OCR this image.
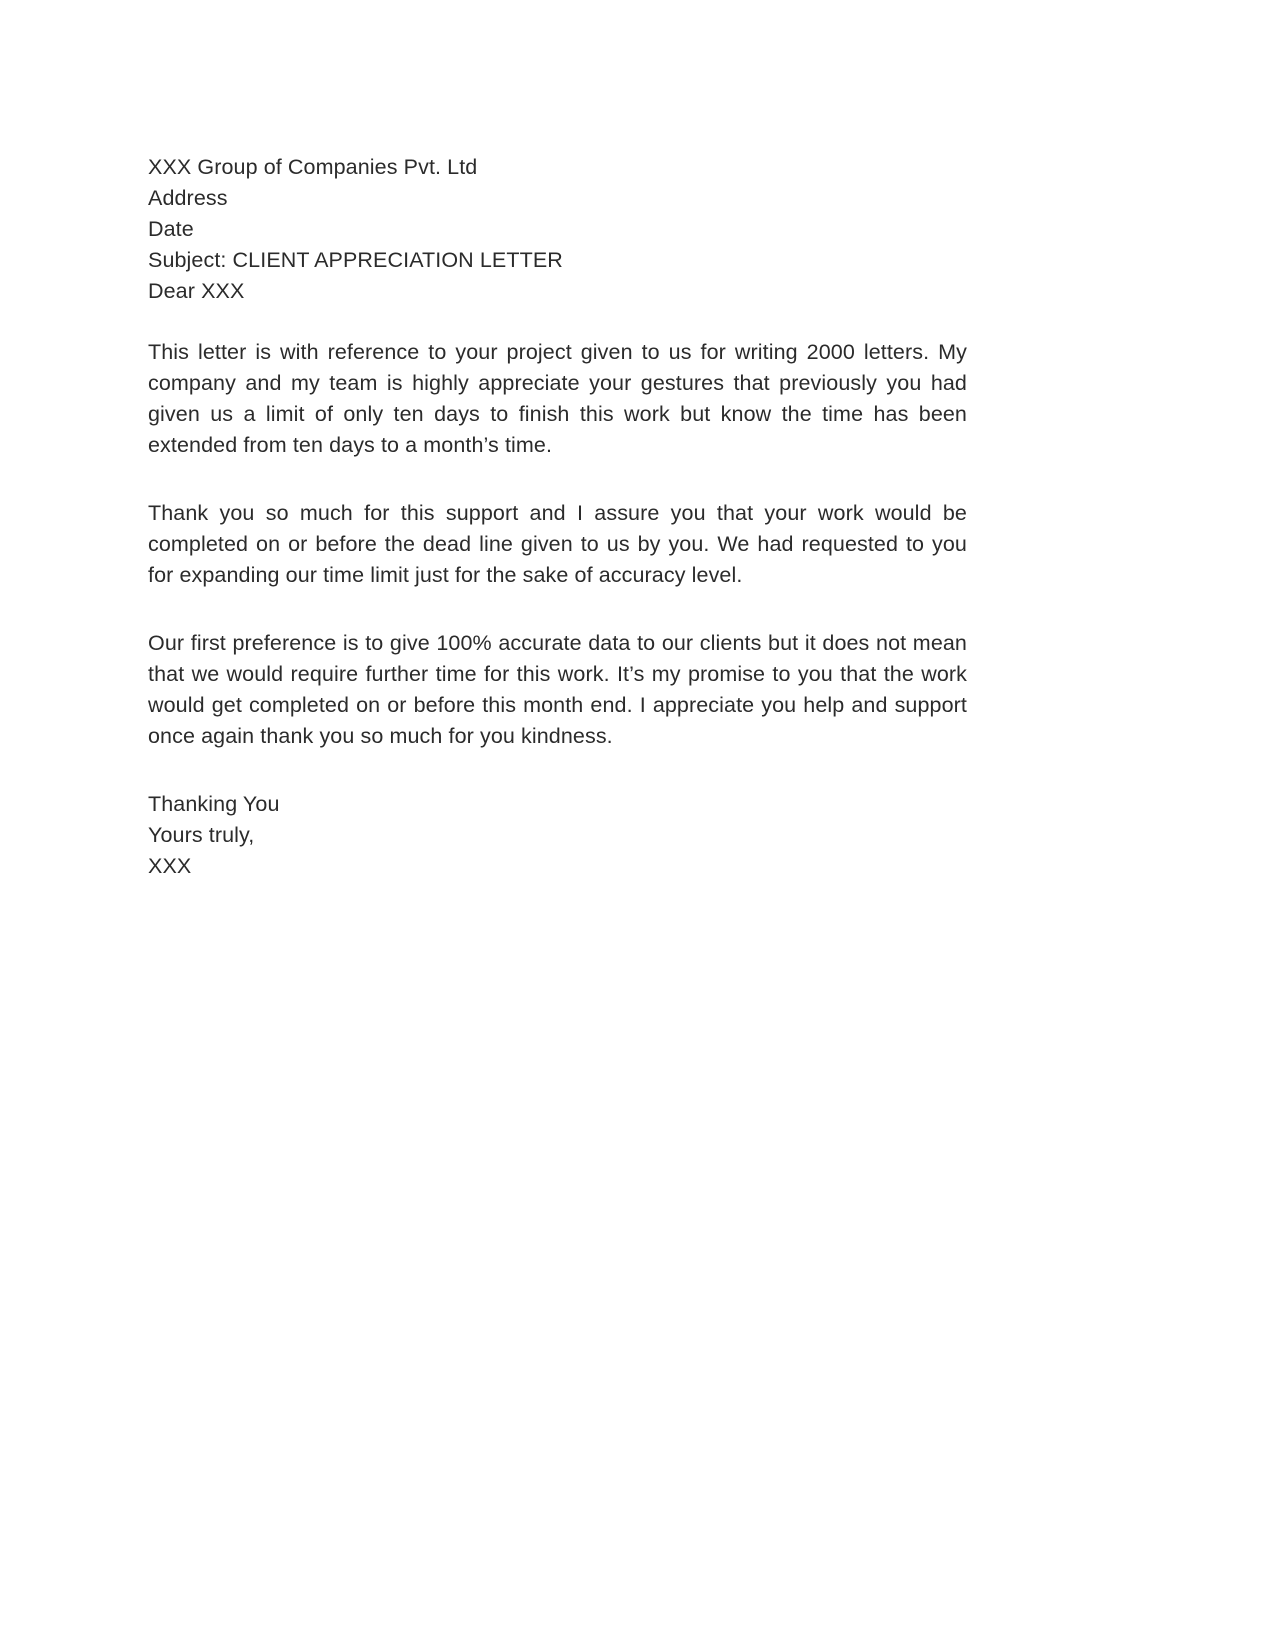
XXX Group of Companies Pvt. Ltd
Address
Date
Subject: CLIENT APPRECIATION LETTER
Dear XXX

This letter is with reference to your project given to us for writing 2000 letters. My company and my team is highly appreciate your gestures that previously you had given us a limit of only ten days to finish this work but know the time has been extended from ten days to a month’s time.

Thank you so much for this support and I assure you that your work would be completed on or before the dead line given to us by you. We had requested to you for expanding our time limit just for the sake of accuracy level.

Our first preference is to give 100% accurate data to our clients but it does not mean that we would require further time for this work. It’s my promise to you that the work would get completed on or before this month end. I appreciate you help and support once again thank you so much for you kindness.

Thanking You
Yours truly,
XXX
